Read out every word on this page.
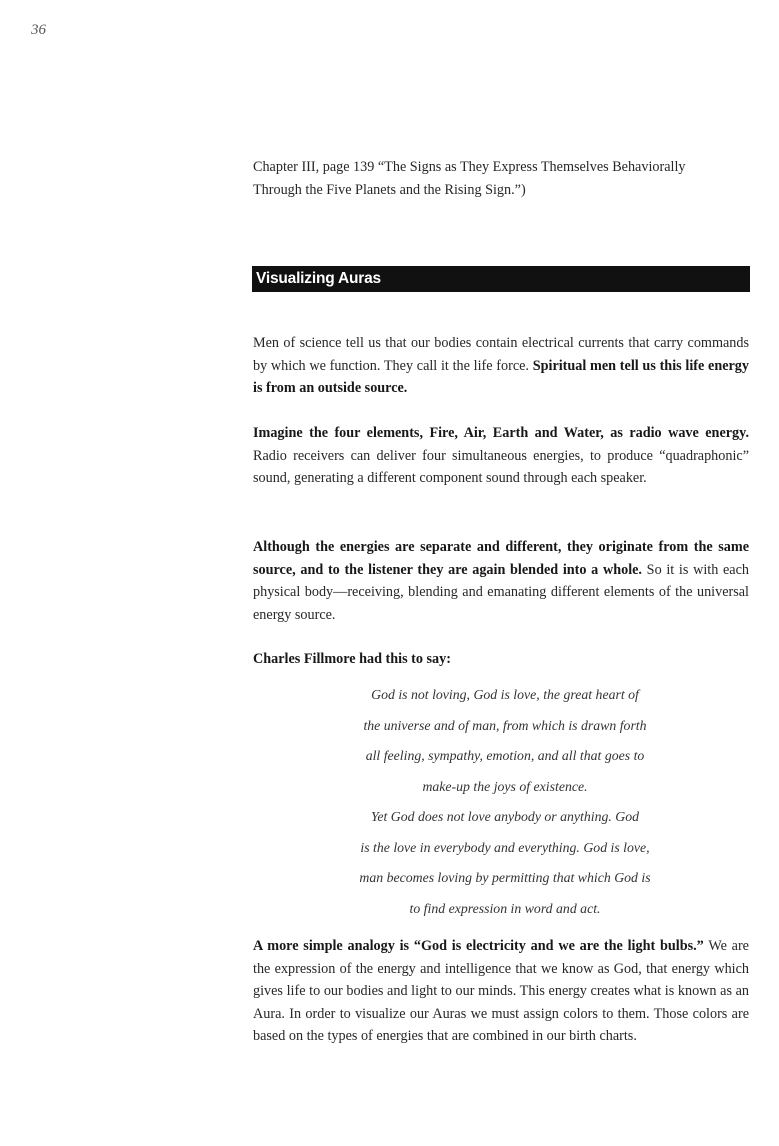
36
Chapter III, page 139 “The Signs as They Express Themselves Behaviorally
Through the Five Planets and the Rising Sign.”)
Visualizing Auras

Men of science tell us that our bodies contain electrical currents that carry commands by which we function. They call it the life force. Spiritual men tell us this life energy is from an outside source.

Imagine the four elements, Fire, Air, Earth and Water, as radio wave energy. Radio receivers can deliver four simultaneous energies, to produce “quadraphonic” sound, generating a different component sound through each speaker.

Although the energies are separate and different, they originate from the same source, and to the listener they are again blended into a whole. So it is with each physical body—receiving, blending and emanating different elements of the universal energy source.

Charles Fillmore had this to say:
God is not loving, God is love, the great heart of
the universe and of man, from which is drawn forth
all feeling, sympathy, emotion, and all that goes to
make-up the joys of existence.
Yet God does not love anybody or anything. God
is the love in everybody and everything. God is love,
man becomes loving by permitting that which God is
to find expression in word and act.

A more simple analogy is “God is electricity and we are the light bulbs.” We are the expression of the energy and intelligence that we know as God, that energy which gives life to our bodies and light to our minds. This energy creates what is known as an Aura. In order to visualize our Auras we must assign colors to them. Those colors are based on the types of energies that are combined in our birth charts.
